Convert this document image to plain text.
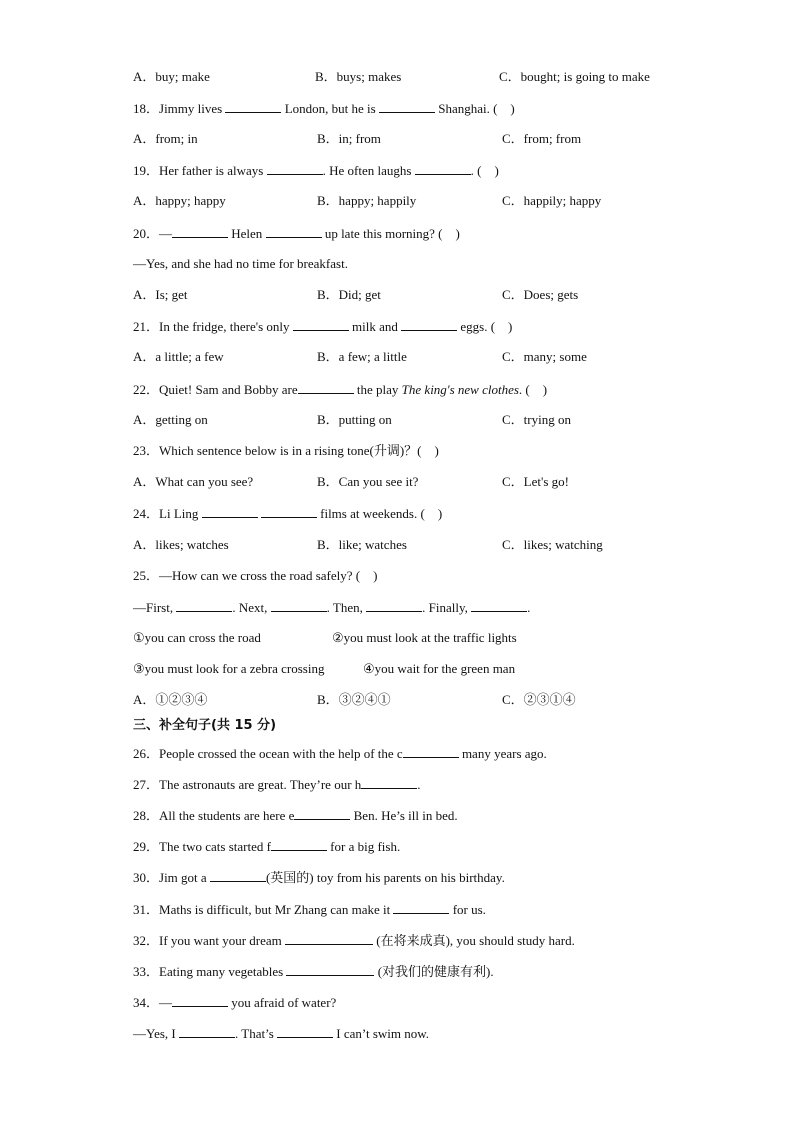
A．buy; make	B．buys; makes	C．bought; is going to make
18．Jimmy lives	London, but he is	Shanghai. (　)
A．from; in	B．in; from	C．from; from
19．Her father is always	. He often laughs	. (　)
A．happy; happy	B．happy; happily	C．happily; happy
20．—	Helen	up late this morning? (　)
—Yes, and she had no time for breakfast.
A．Is; get	B．Did; get	C．Does; gets
21．In the fridge, there's only	milk and	eggs. (　)
A．a little; a few	B．a few; a little	C．many; some
22．Quiet! Sam and Bobby are	the play The king's new clothes. (　)
A．getting on	B．putting on	C．trying on
23．Which sentence below is in a rising tone(升调)？(　)
A．What can you see?	B．Can you see it?	C．Let's go!
24．Li Ling	films at weekends. (　)
A．likes; watches	B．like; watches	C．likes; watching
25．—How can we cross the road safely? (　)
—First,	. Next,	. Then,	. Finally,	.
①you can cross the road	②you must look at the traffic lights
③you must look for a zebra crossing	④you wait for the green man
A．①②③④	B．③②④①	C．②③①④
三、补全句子(共 15 分)
26．People crossed the ocean with the help of the c	many years ago.
27．The astronauts are great. They’re our h	.
28．All the students are here e	Ben. He’s ill in bed.
29．The two cats started f	for a big fish.
30．Jim got a	(英国的) toy from his parents on his birthday.
31．Maths is difficult, but Mr Zhang can make it	for us.
32．If you want your dream	(在将来成真), you should study hard.
33．Eating many vegetables	(对我们的健康有利).
34．—	you afraid of water?
—Yes, I	. That’s	I can’t swim now.
